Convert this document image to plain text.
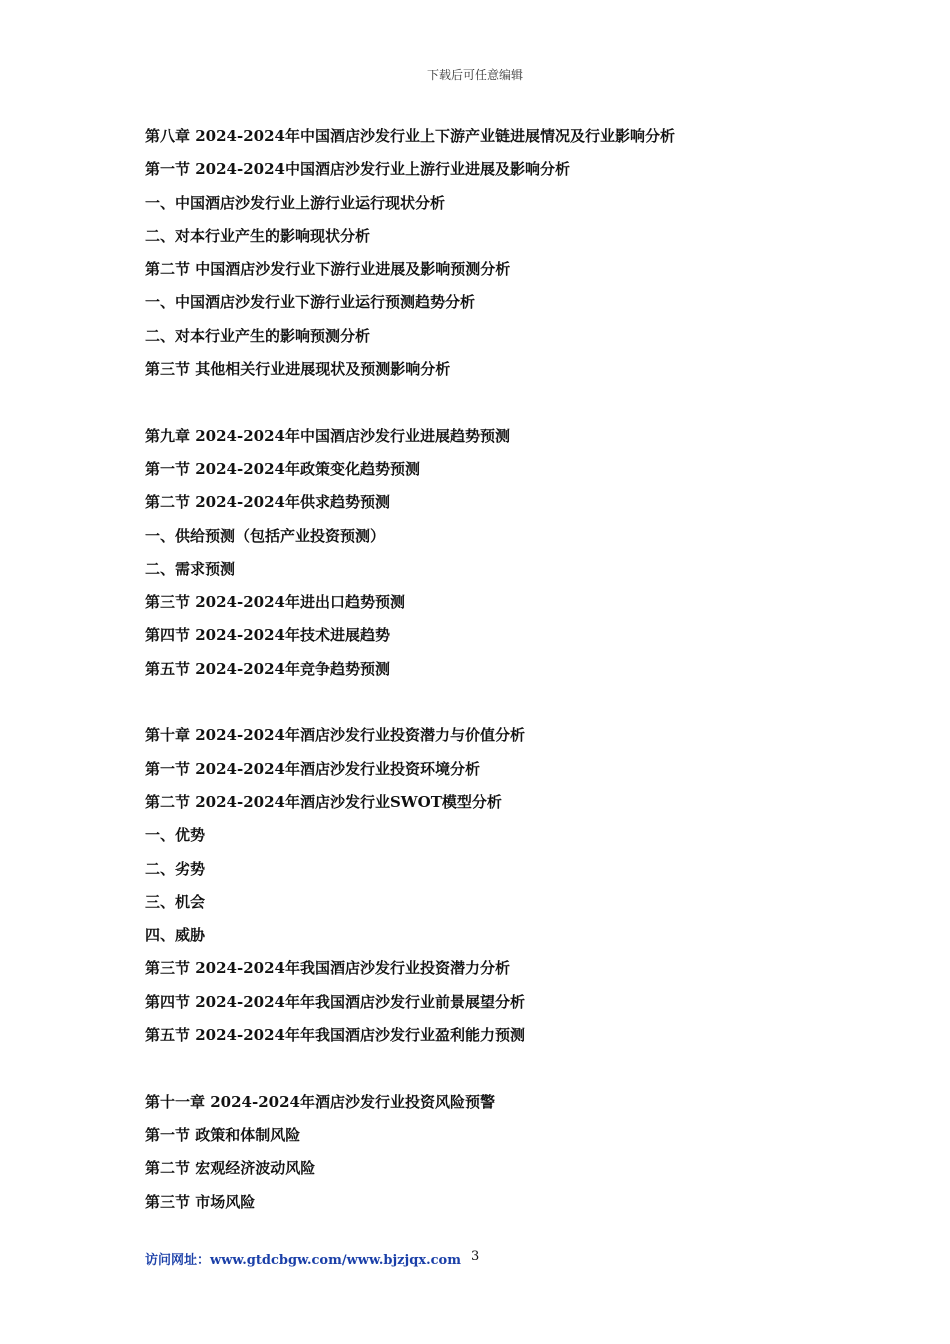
下载后可任意编辑
第八章 2024-2024年中国酒店沙发行业上下游产业链进展情况及行业影响分析
第一节 2024-2024中国酒店沙发行业上游行业进展及影响分析
一、中国酒店沙发行业上游行业运行现状分析
二、对本行业产生的影响现状分析
第二节 中国酒店沙发行业下游行业进展及影响预测分析
一、中国酒店沙发行业下游行业运行预测趋势分析
二、对本行业产生的影响预测分析
第三节 其他相关行业进展现状及预测影响分析
第九章 2024-2024年中国酒店沙发行业进展趋势预测
第一节 2024-2024年政策变化趋势预测
第二节 2024-2024年供求趋势预测
一、供给预测（包括产业投资预测）
二、需求预测
第三节 2024-2024年进出口趋势预测
第四节 2024-2024年技术进展趋势
第五节 2024-2024年竞争趋势预测
第十章 2024-2024年酒店沙发行业投资潜力与价值分析
第一节 2024-2024年酒店沙发行业投资环境分析
第二节 2024-2024年酒店沙发行业SWOT模型分析
一、优势
二、劣势
三、机会
四、威胁
第三节 2024-2024年我国酒店沙发行业投资潜力分析
第四节 2024-2024年年我国酒店沙发行业前景展望分析
第五节 2024-2024年年我国酒店沙发行业盈利能力预测
第十一章 2024-2024年酒店沙发行业投资风险预警
第一节 政策和体制风险
第二节 宏观经济波动风险
第三节 市场风险
访问网址：www.gtdcbgw.com/www.bjzjqx.com 3
